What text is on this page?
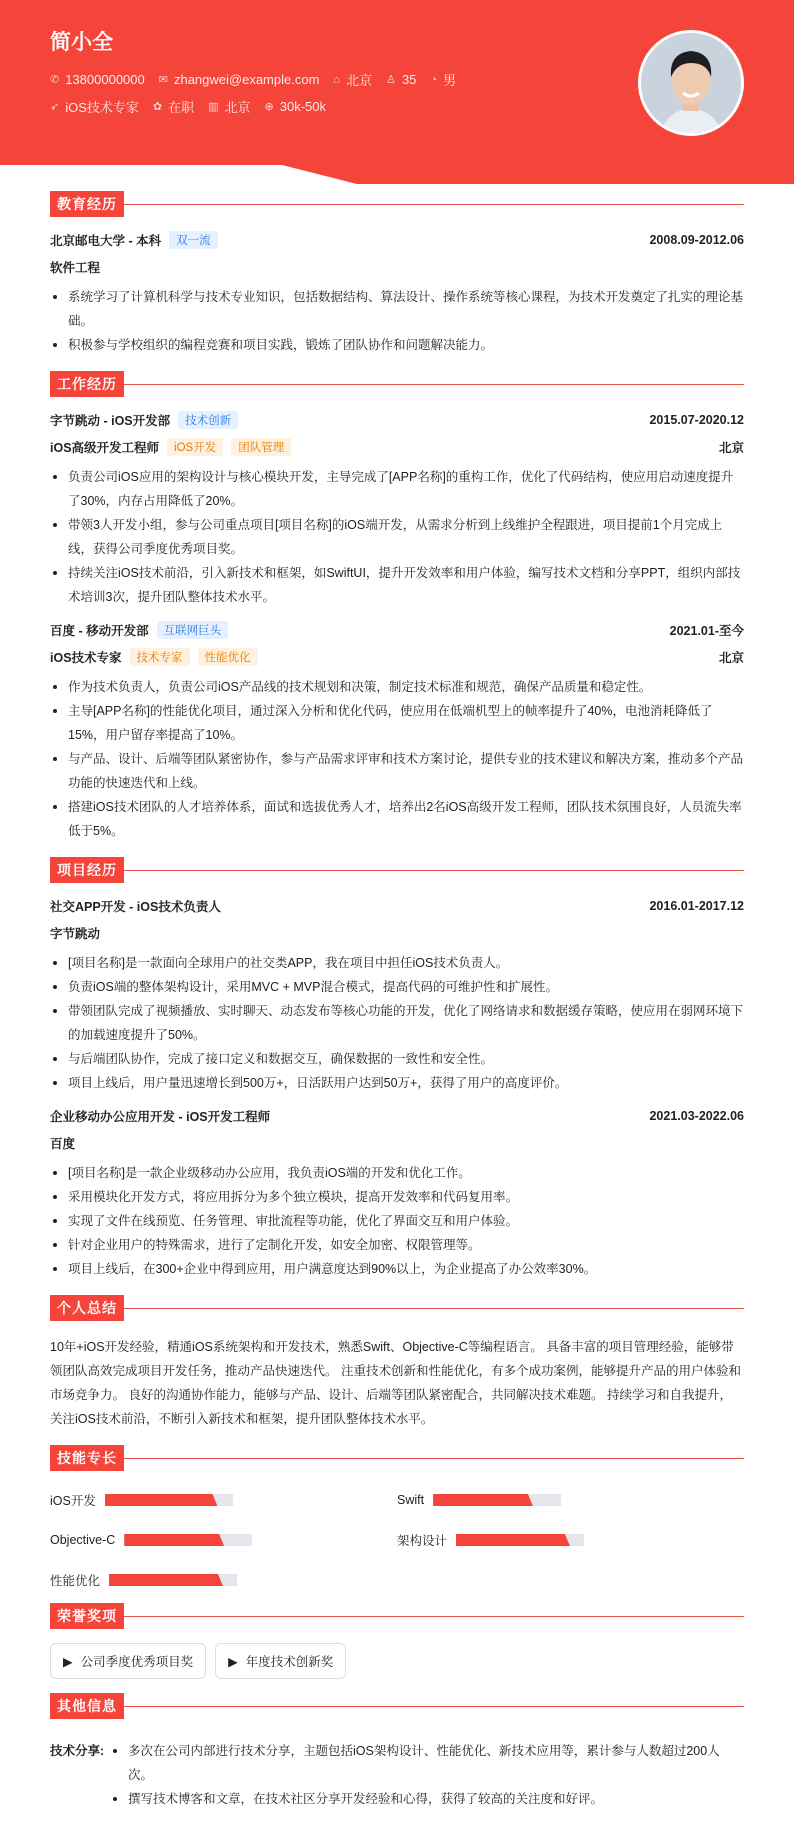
简小全
✆ 13800000000 ✉ zhangwei@example.com ⌂ 北京 ♙ 35 ◔ 男
➶ iOS技术专家 ✿ 在职 ▥ 北京 ⊕ 30k-50k
教育经历
北京邮电大学 - 本科	双一流	2008.09-2012.06
软件工程
系统学习了计算机科学与技术专业知识，包括数据结构、算法设计、操作系统等核心课程，为技术开发奠定了扎实的理论基础。
积极参与学校组织的编程竞赛和项目实践，锻炼了团队协作和问题解决能力。
工作经历
字节跳动 - iOS开发部	技术创新	2015.07-2020.12
iOS高级开发工程师	iOS开发	团队管理	北京
负责公司iOS应用的架构设计与核心模块开发，主导完成了[APP名称]的重构工作，优化了代码结构，使应用启动速度提升了30%，内存占用降低了20%。
带领3人开发小组，参与公司重点项目[项目名称]的iOS端开发，从需求分析到上线维护全程跟进，项目提前1个月完成上线，获得公司季度优秀项目奖。
持续关注iOS技术前沿，引入新技术和框架，如SwiftUI，提升开发效率和用户体验，编写技术文档和分享PPT，组织内部技术培训3次，提升团队整体技术水平。
百度 - 移动开发部	互联网巨头	2021.01-至今
iOS技术专家	技术专家	性能优化	北京
作为技术负责人，负责公司iOS产品线的技术规划和决策，制定技术标准和规范，确保产品质量和稳定性。
主导[APP名称]的性能优化项目，通过深入分析和优化代码，使应用在低端机型上的帧率提升了40%，电池消耗降低了15%，用户留存率提高了10%。
与产品、设计、后端等团队紧密协作，参与产品需求评审和技术方案讨论，提供专业的技术建议和解决方案，推动多个产品功能的快速迭代和上线。
搭建iOS技术团队的人才培养体系，面试和选拔优秀人才，培养出2名iOS高级开发工程师，团队技术氛围良好，人员流失率低于5%。
项目经历
社交APP开发 - iOS技术负责人	2016.01-2017.12
字节跳动
[项目名称]是一款面向全球用户的社交类APP，我在项目中担任iOS技术负责人。
负责iOS端的整体架构设计，采用MVC + MVP混合模式，提高代码的可维护性和扩展性。
带领团队完成了视频播放、实时聊天、动态发布等核心功能的开发，优化了网络请求和数据缓存策略，使应用在弱网环境下的加载速度提升了50%。
与后端团队协作，完成了接口定义和数据交互，确保数据的一致性和安全性。
项目上线后，用户量迅速增长到500万+，日活跃用户达到50万+，获得了用户的高度评价。
企业移动办公应用开发 - iOS开发工程师	2021.03-2022.06
百度
[项目名称]是一款企业级移动办公应用，我负责iOS端的开发和优化工作。
采用模块化开发方式，将应用拆分为多个独立模块，提高开发效率和代码复用率。
实现了文件在线预览、任务管理、审批流程等功能，优化了界面交互和用户体验。
针对企业用户的特殊需求，进行了定制化开发，如安全加密、权限管理等。
项目上线后，在300+企业中得到应用，用户满意度达到90%以上，为企业提高了办公效率30%。
个人总结

10年+iOS开发经验，精通iOS系统架构和开发技术，熟悉Swift、Objective-C等编程语言。 具备丰富的项目管理经验，能够带领团队高效完成项目开发任务，推动产品快速迭代。 注重技术创新和性能优化，有多个成功案例，能够提升产品的用户体验和市场竞争力。 良好的沟通协作能力，能够与产品、设计、后端等团队紧密配合，共同解决技术难题。 持续学习和自我提升，关注iOS技术前沿，不断引入新技术和框架，提升团队整体技术水平。

技能专长
iOS开发	Swift
Objective-C	架构设计
性能优化
荣誉奖项
▶ 公司季度优秀项目奖	▶ 年度技术创新奖
其他信息
技术分享:	多次在公司内部进行技术分享，主题包括iOS架构设计、性能优化、新技术应用等，累计参与人数超过200人次。
撰写技术博客和文章，在技术社区分享开发经验和心得，获得了较高的关注度和好评。
